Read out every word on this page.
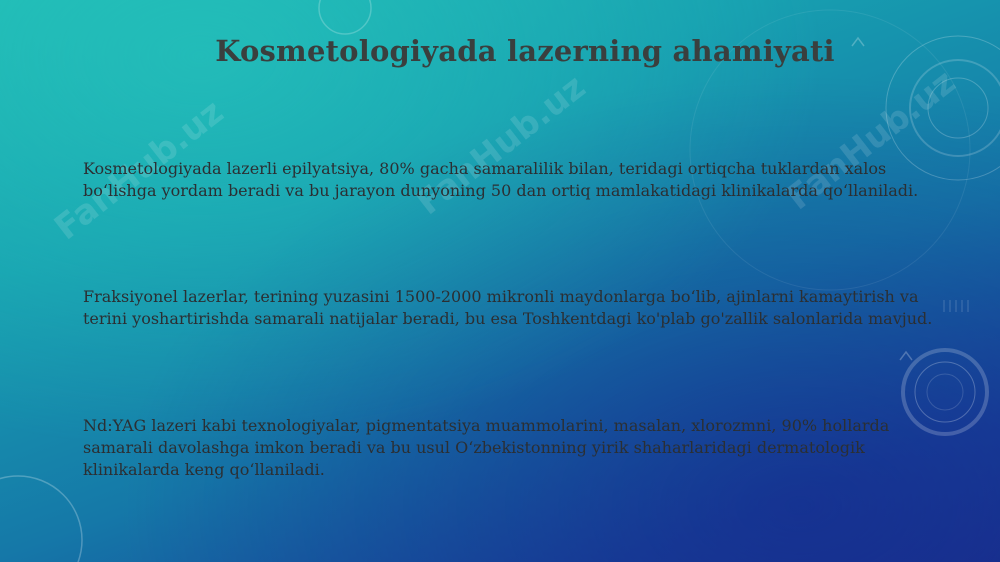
FanHub.uz	FanHub.uz	FanHub.uz
Kosmetologiyada lazerning ahamiyati

Kosmetologiyada lazerli epilyatsiya, 80% gacha samaralilik bilan, teridagi ortiqcha tuklardan xalos bo‘lishga yordam beradi va bu jarayon dunyoning 50 dan ortiq mamlakatidagi klinikalarda qo‘llaniladi.

Fraksiyonel lazerlar, terining yuzasini 1500-2000 mikronli maydonlarga bo‘lib, ajinlarni kamaytirish va terini yoshartirishda samarali natijalar beradi, bu esa Toshkentdagi ko'plab go'zallik salonlarida mavjud.

Nd:YAG lazeri kabi texnologiyalar, pigmentatsiya muammolarini, masalan, xlorozmni, 90% hollarda samarali davolashga imkon beradi va bu usul O‘zbekistonning yirik shaharlaridagi dermatologik klinikalarda keng qo‘llaniladi.
